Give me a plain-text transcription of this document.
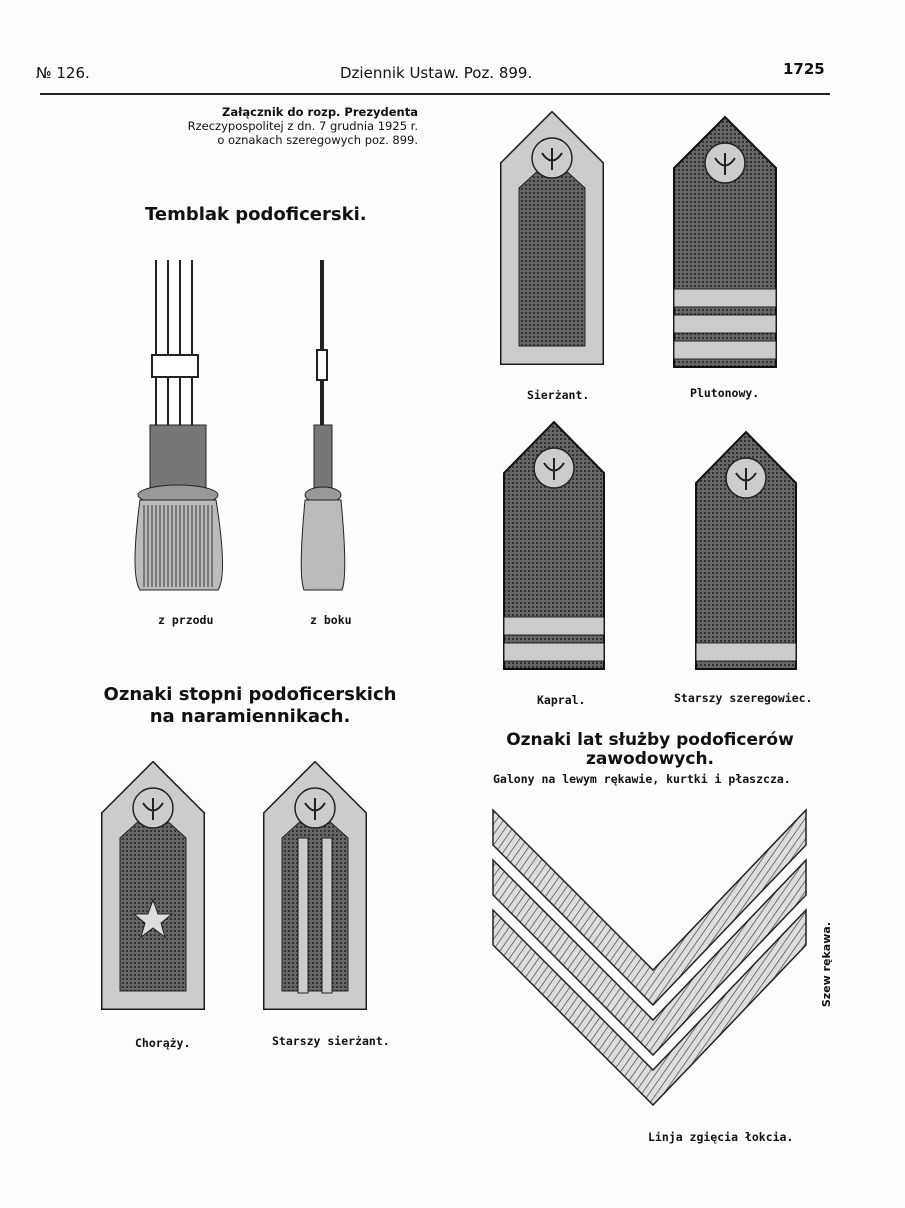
№ 126.	Dziennik Ustaw. Poz. 899.	1725
Załącznik do rozp. Prezydenta
Rzeczypospolitej z dn. 7 grudnia 1925 r.
o oznakach szeregowych poz. 899.
Temblak podoficerski.
z przodu	z boku
Oznaki stopni podoficerskich
na naramiennikach.
Chorąży.	Starszy sierżant.
Sierżant.	Plutonowy.
Kapral.	Starszy szeregowiec.
Oznaki lat służby podoficerów
zawodowych.
Galony na lewym rękawie, kurtki i płaszcza.
Szew rękawa.
Linja zgięcia łokcia.
